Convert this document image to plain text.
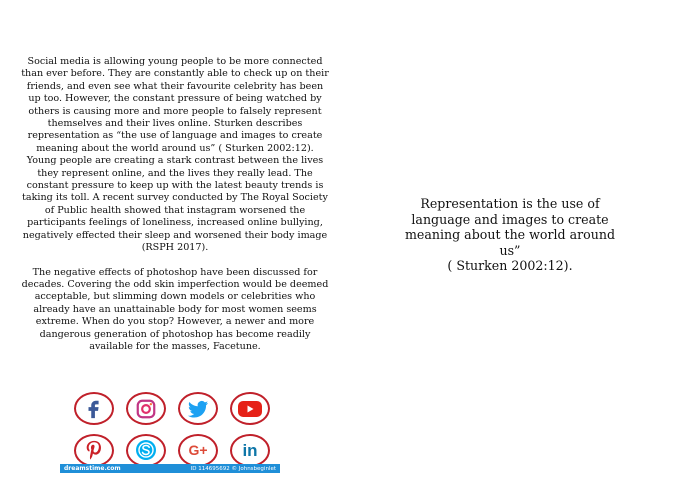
Social media is allowing young people to be more connected than ever before. They are constantly able to check up on their friends, and even see what their favourite celebrity has been up too. However, the constant pressure of being watched by others is causing more and more people to falsely represent themselves and their lives online. Sturken describes representation as “the use of language and images to create meaning about the world around us” ( Sturken 2002:12). Young people are creating a stark contrast between the lives they represent online, and the lives they really lead. The constant pressure to keep up with the latest beauty trends is taking its toll. A recent survey conducted by The Royal Society of Public health showed that instagram worsened the participants feelings of loneliness, increased online bullying, negatively effected their sleep and worsened their body image (RSPH 2017).

The negative effects of photoshop have been discussed for decades. Covering the odd skin imperfection would be deemed acceptable, but slimming down models or celebrities who already have an unattainable body for most women seems extreme. When do you stop? However, a newer and more dangerous generation of photoshop has become readily available for the masses, Facetune.

Representation is the use of language and images to create meaning about the world around us”
( Sturken 2002:12).
G+ in
dreamstime.com	ID 114695692 © Johnsbeginlet
